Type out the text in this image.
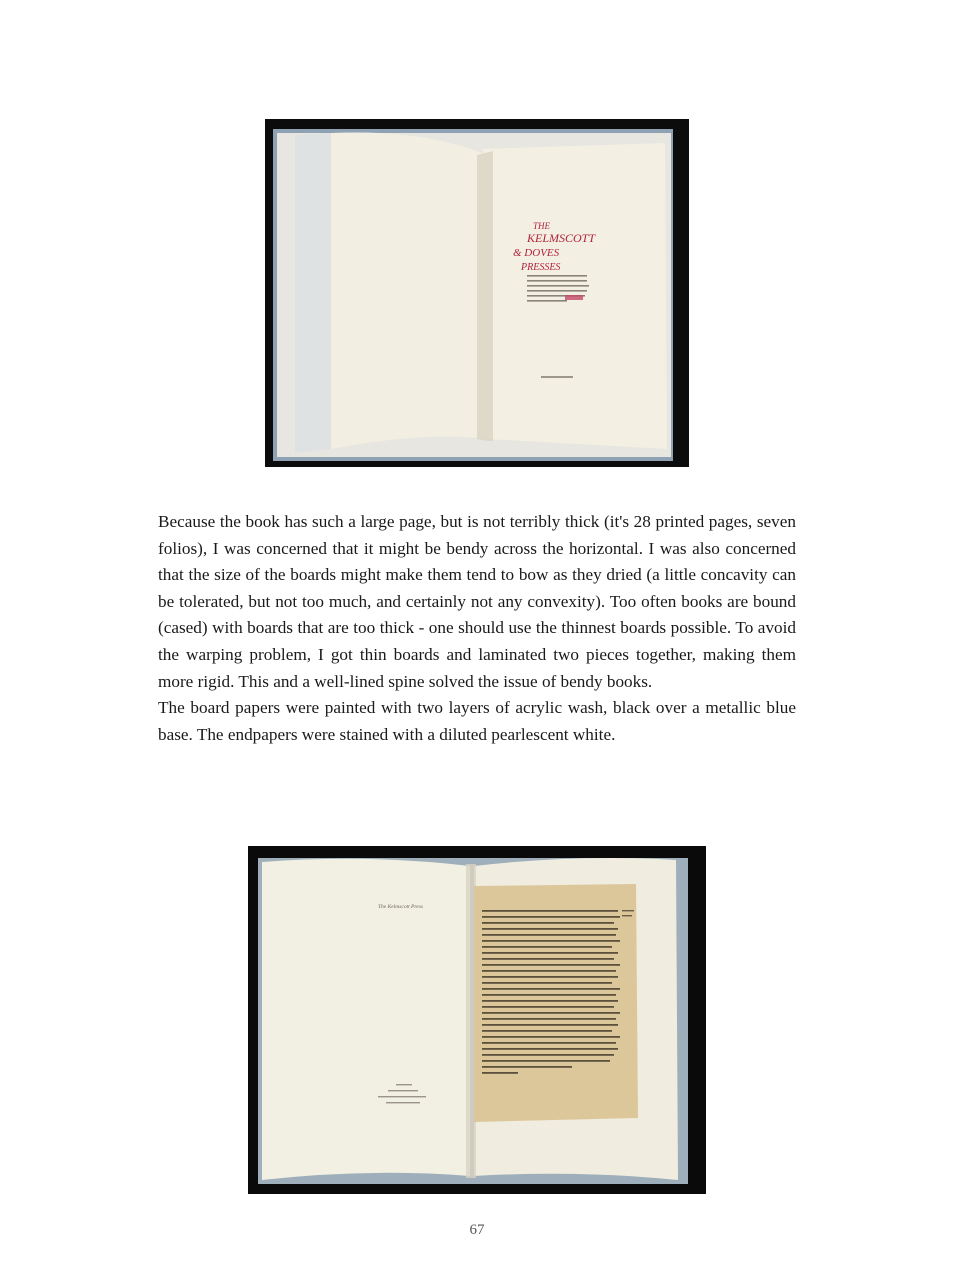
THE
KELMSCOTT
& DOVES
PRESSES

Because the book has such a large page, but is not terribly thick (it's 28 printed pages, seven folios), I was concerned that it might be bendy across the horizontal. I was also concerned that the size of the boards might make them tend to bow as they dried (a little concavity can be tolerated, but not too much, and certainly not any convexity). Too often books are bound (cased) with boards that are too thick - one should use the thinnest boards possible. To avoid the warping problem, I got thin boards and laminated two pieces together, making them more rigid. This and a well-lined spine solved the issue of bendy books.

The board papers were painted with two layers of acrylic wash, black over a metallic blue base. The endpapers were stained with a diluted pearlescent white.

The Kelmscott Press
67
